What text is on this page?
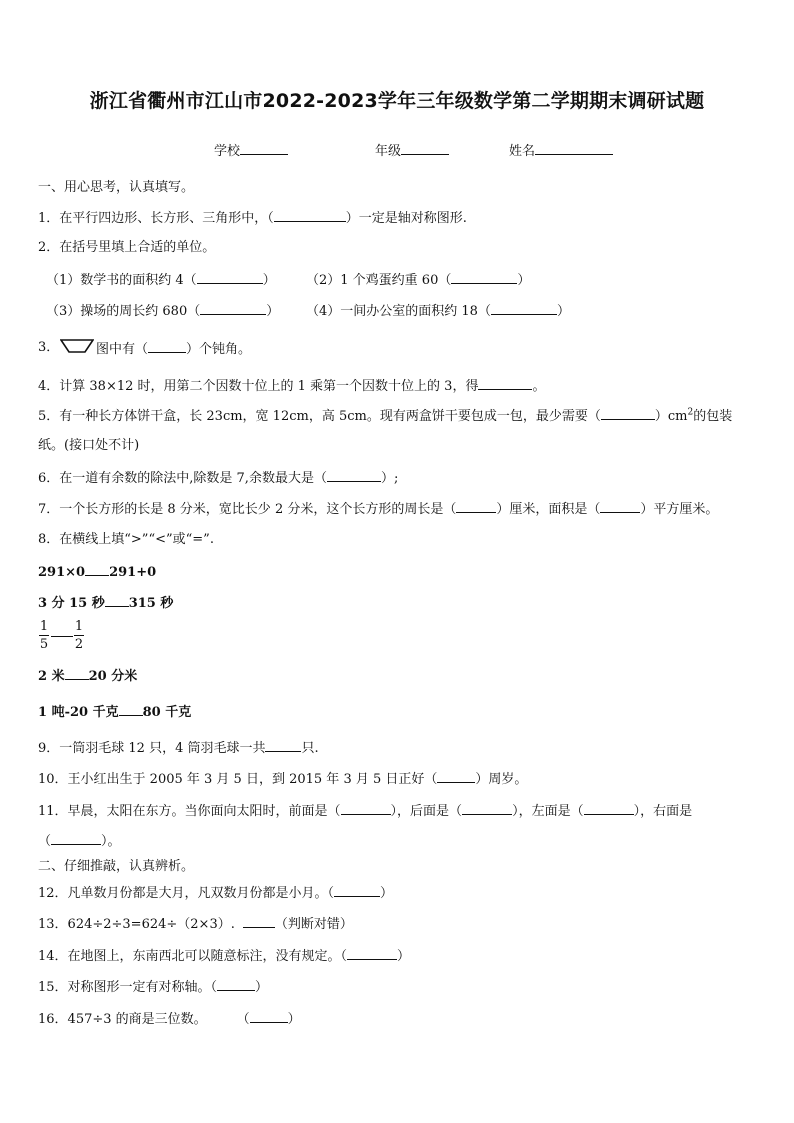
浙江省衢州市江山市2022-2023学年三年级数学第二学期期末调研试题
学校	年级	姓名
一、用心思考，认真填写。
1．在平行四边形、长方形、三角形中，（	）一定是轴对称图形.
2．在括号里填上合适的单位。
（1）数学书的面积约 4（	） （2）1 个鸡蛋约重 60（	）
（3）操场的周长约 680（	） （4）一间办公室的面积约 18（	）
3．	图中有（	）个钝角。
4．计算 38×12 时，用第二个因数十位上的 1 乘第一个因数十位上的 3，得	。
5．有一种长方体饼干盒，长 23cm，宽 12cm，高 5cm。现有两盒饼干要包成一包，最少需要（	）$cm^2$的包装
纸。(接口处不计)
6．在一道有余数的除法中,除数是 7,余数最大是（	）;
7．一个长方形的长是 8 分米，宽比长少 2 分米，这个长方形的周长是（	）厘米，面积是（	）平方厘米。
8．在横线上填“>”“<”或“=”.
291×0 291+0
3 分 15 秒 315 秒
1
5
1
2
2 米 20 分米
1 吨-20 千克 80 千克
9．一筒羽毛球 12 只，4 筒羽毛球一共	只.
10．王小红出生于 2005 年 3 月 5 日，到 2015 年 3 月 5 日正好（	）周岁。
11．早晨，太阳在东方。当你面向太阳时，前面是（	），后面是（	），左面是（	），右面是
（	）。
二、仔细推敲，认真辨析。
12．凡单数月份都是大月，凡双数月份都是小月。（	）
13．624÷2÷3=624÷（2×3）.	（判断对错）
14．在地图上，东南西北可以随意标注，没有规定。（	）
15．对称图形一定有对称轴。（	）
16．457÷3 的商是三位数。 （	）
